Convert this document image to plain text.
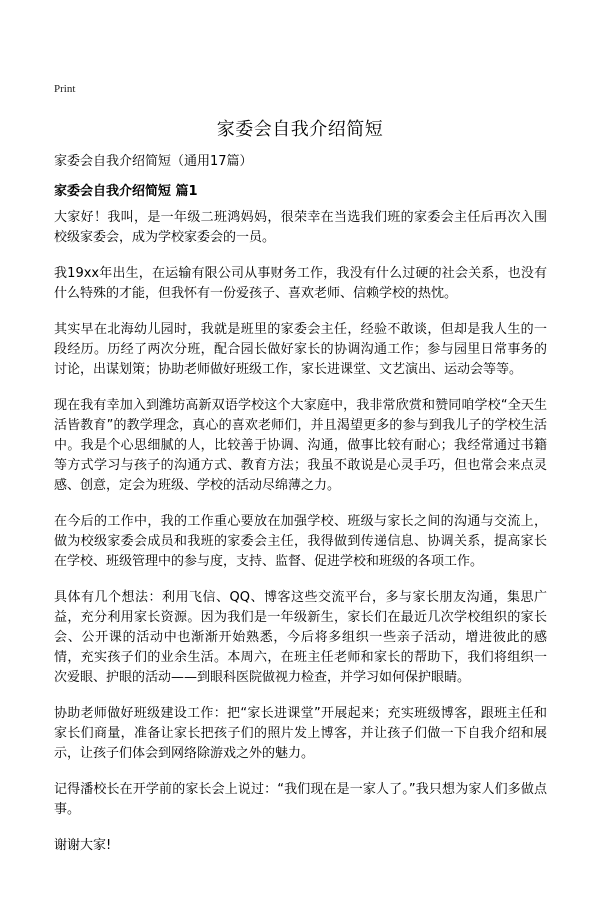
Print
家委会自我介绍简短
家委会自我介绍简短（通用17篇）
家委会自我介绍简短 篇1

大家好！我叫，是一年级二班鸿妈妈，很荣幸在当选我们班的家委会主任后再次入围校级家委会，成为学校家委会的一员。

我19xx年出生，在运输有限公司从事财务工作，我没有什么过硬的社会关系，也没有什么特殊的才能，但我怀有一份爱孩子、喜欢老师、信赖学校的热忱。

其实早在北海幼儿园时，我就是班里的家委会主任，经验不敢谈，但却是我人生的一段经历。历经了两次分班，配合园长做好家长的协调沟通工作；参与园里日常事务的讨论，出谋划策；协助老师做好班级工作，家长进课堂、文艺演出、运动会等等。

现在我有幸加入到潍坊高新双语学校这个大家庭中，我非常欣赏和赞同咱学校“全天生活皆教育”的教学理念，真心的喜欢老师们，并且渴望更多的参与到我儿子的学校生活中。我是个心思细腻的人，比较善于协调、沟通，做事比较有耐心；我经常通过书籍等方式学习与孩子的沟通方式、教育方法；我虽不敢说是心灵手巧，但也常会来点灵感、创意，定会为班级、学校的活动尽绵薄之力。

在今后的工作中，我的工作重心要放在加强学校、班级与家长之间的沟通与交流上，做为校级家委会成员和我班的家委会主任，我得做到传递信息、协调关系，提高家长在学校、班级管理中的参与度，支持、监督、促进学校和班级的各项工作。

具体有几个想法：利用飞信、QQ、博客这些交流平台，多与家长朋友沟通，集思广益，充分利用家长资源。因为我们是一年级新生，家长们在最近几次学校组织的家长会、公开课的活动中也渐渐开始熟悉，今后将多组织一些亲子活动，增进彼此的感情，充实孩子们的业余生活。本周六，在班主任老师和家长的帮助下，我们将组织一次爱眼、护眼的活动——到眼科医院做视力检查，并学习如何保护眼睛。

协助老师做好班级建设工作：把“家长进课堂”开展起来；充实班级博客，跟班主任和家长们商量，准备让家长把孩子们的照片发上博客，并让孩子们做一下自我介绍和展示，让孩子们体会到网络除游戏之外的魅力。

记得潘校长在开学前的家长会上说过：“我们现在是一家人了。”我只想为家人们多做点事。

谢谢大家!
